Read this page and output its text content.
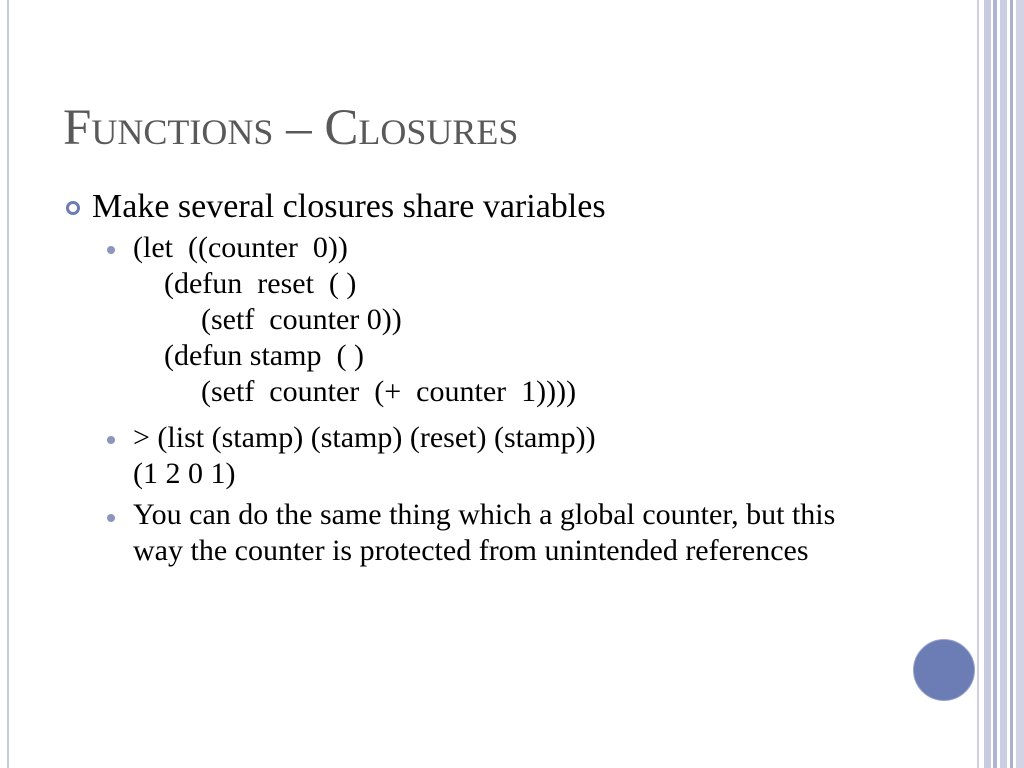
Functions – Closures
Make several closures share variables
(let  ((counter  0))
(defun  reset  ( )
(setf  counter 0))
(defun stamp  ( )
(setf  counter  (+  counter  1))))
> (list (stamp) (stamp) (reset) (stamp))
(1 2 0 1)
You can do the same thing which a global counter, but this
way the counter is protected from unintended references
